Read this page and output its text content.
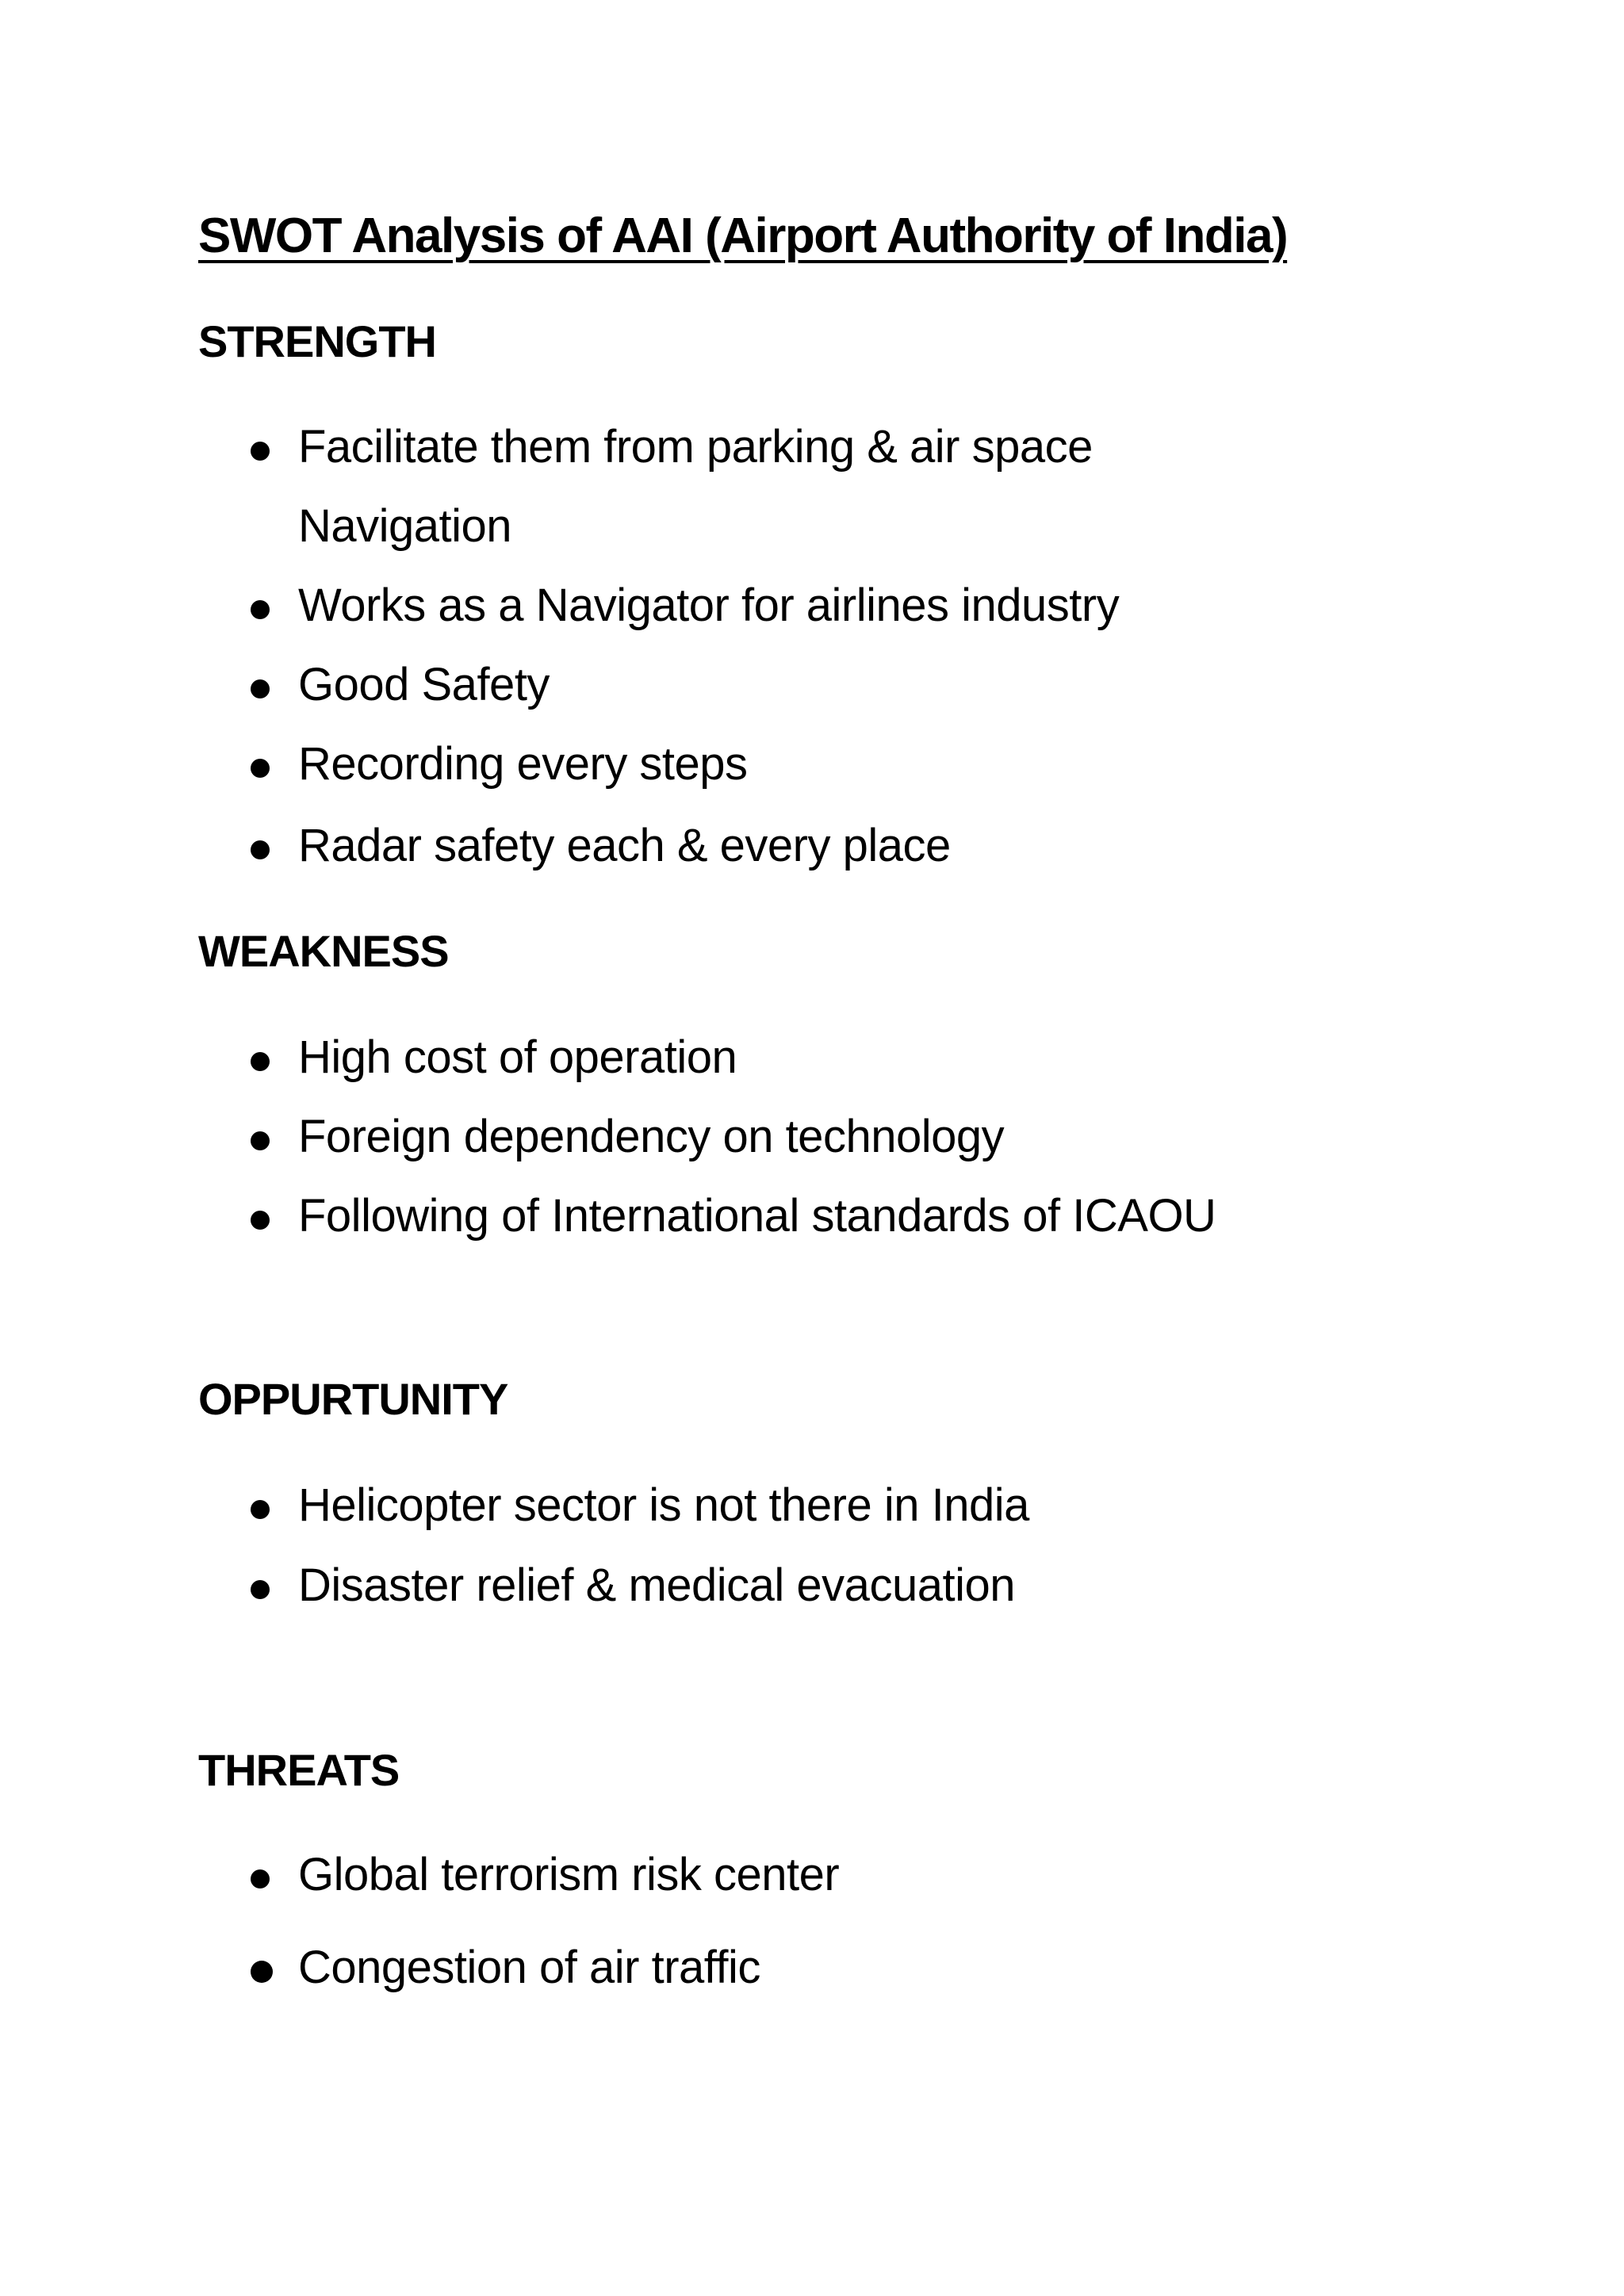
SWOT Analysis of AAI (Airport Authority of India)
STRENGTH
Facilitate them from parking & air space
Navigation
Works as a Navigator for airlines industry
Good Safety
Recording every steps
Radar safety each & every place
WEAKNESS
High cost of operation
Foreign dependency on technology
Following of International standards of ICAOU
OPPURTUNITY
Helicopter sector is not there in India
Disaster relief & medical evacuation
THREATS
Global terrorism risk center
Congestion of air traffic
